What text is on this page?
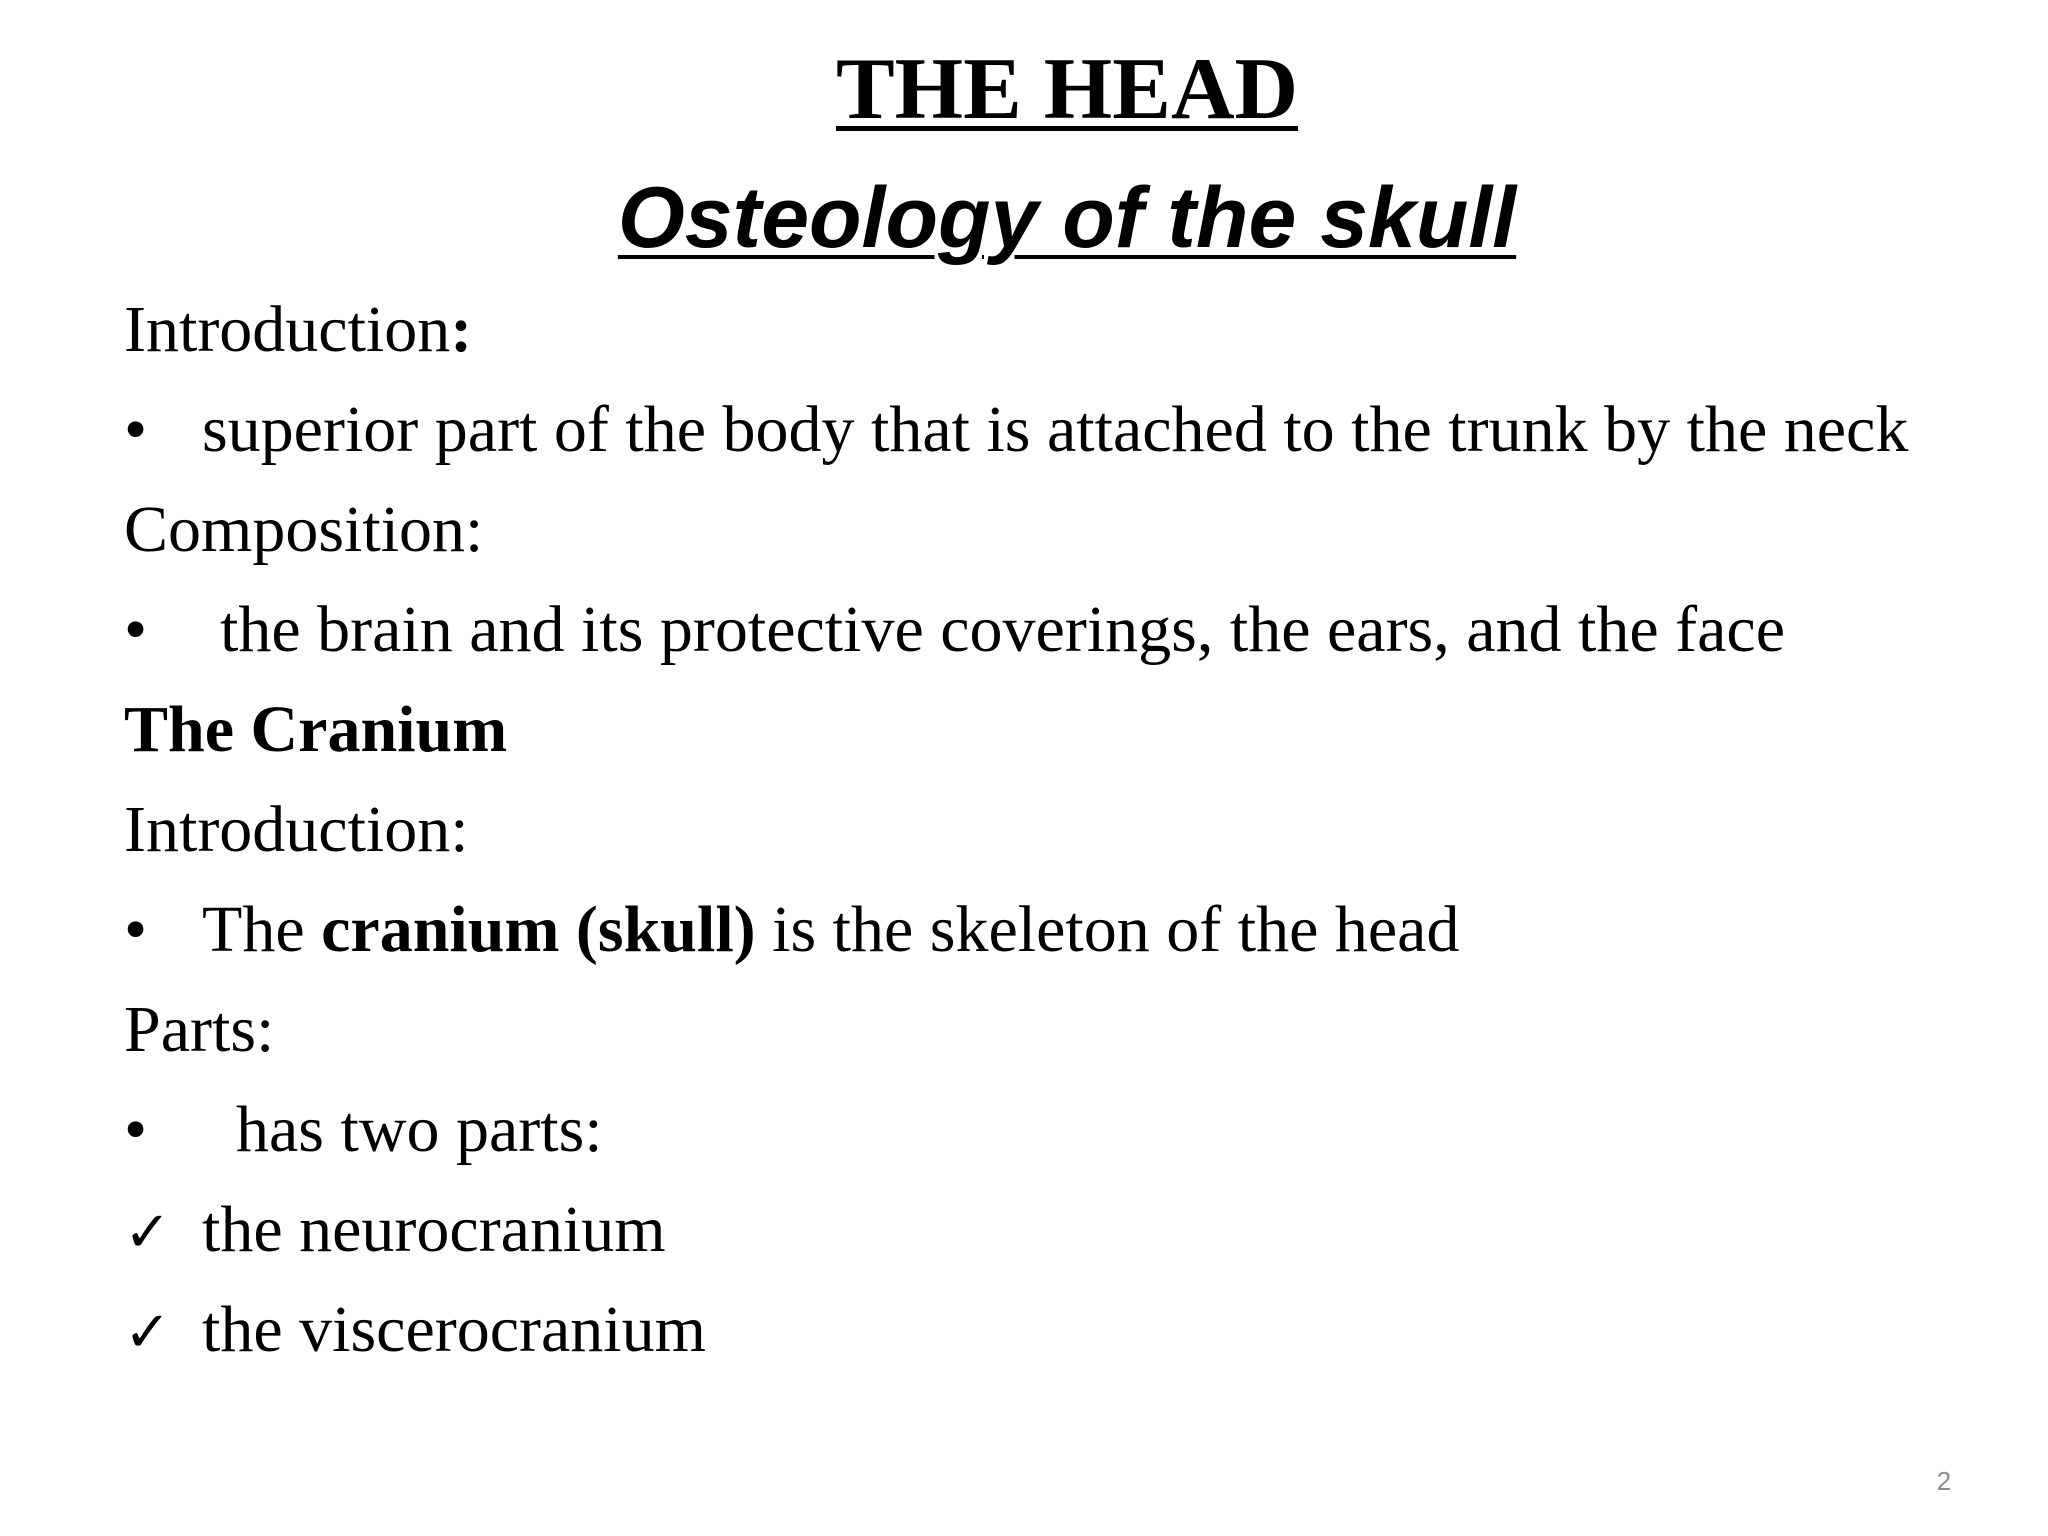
THE HEAD
Osteology of the skull
Introduction:
• superior part of the body that is attached to the trunk by the neck
Composition:
• the brain and its protective coverings, the ears, and the face
The Cranium
Introduction:
• The cranium (skull) is the skeleton of the head
Parts:
• has two parts:
✓ the neurocranium
✓ the viscerocranium
2
